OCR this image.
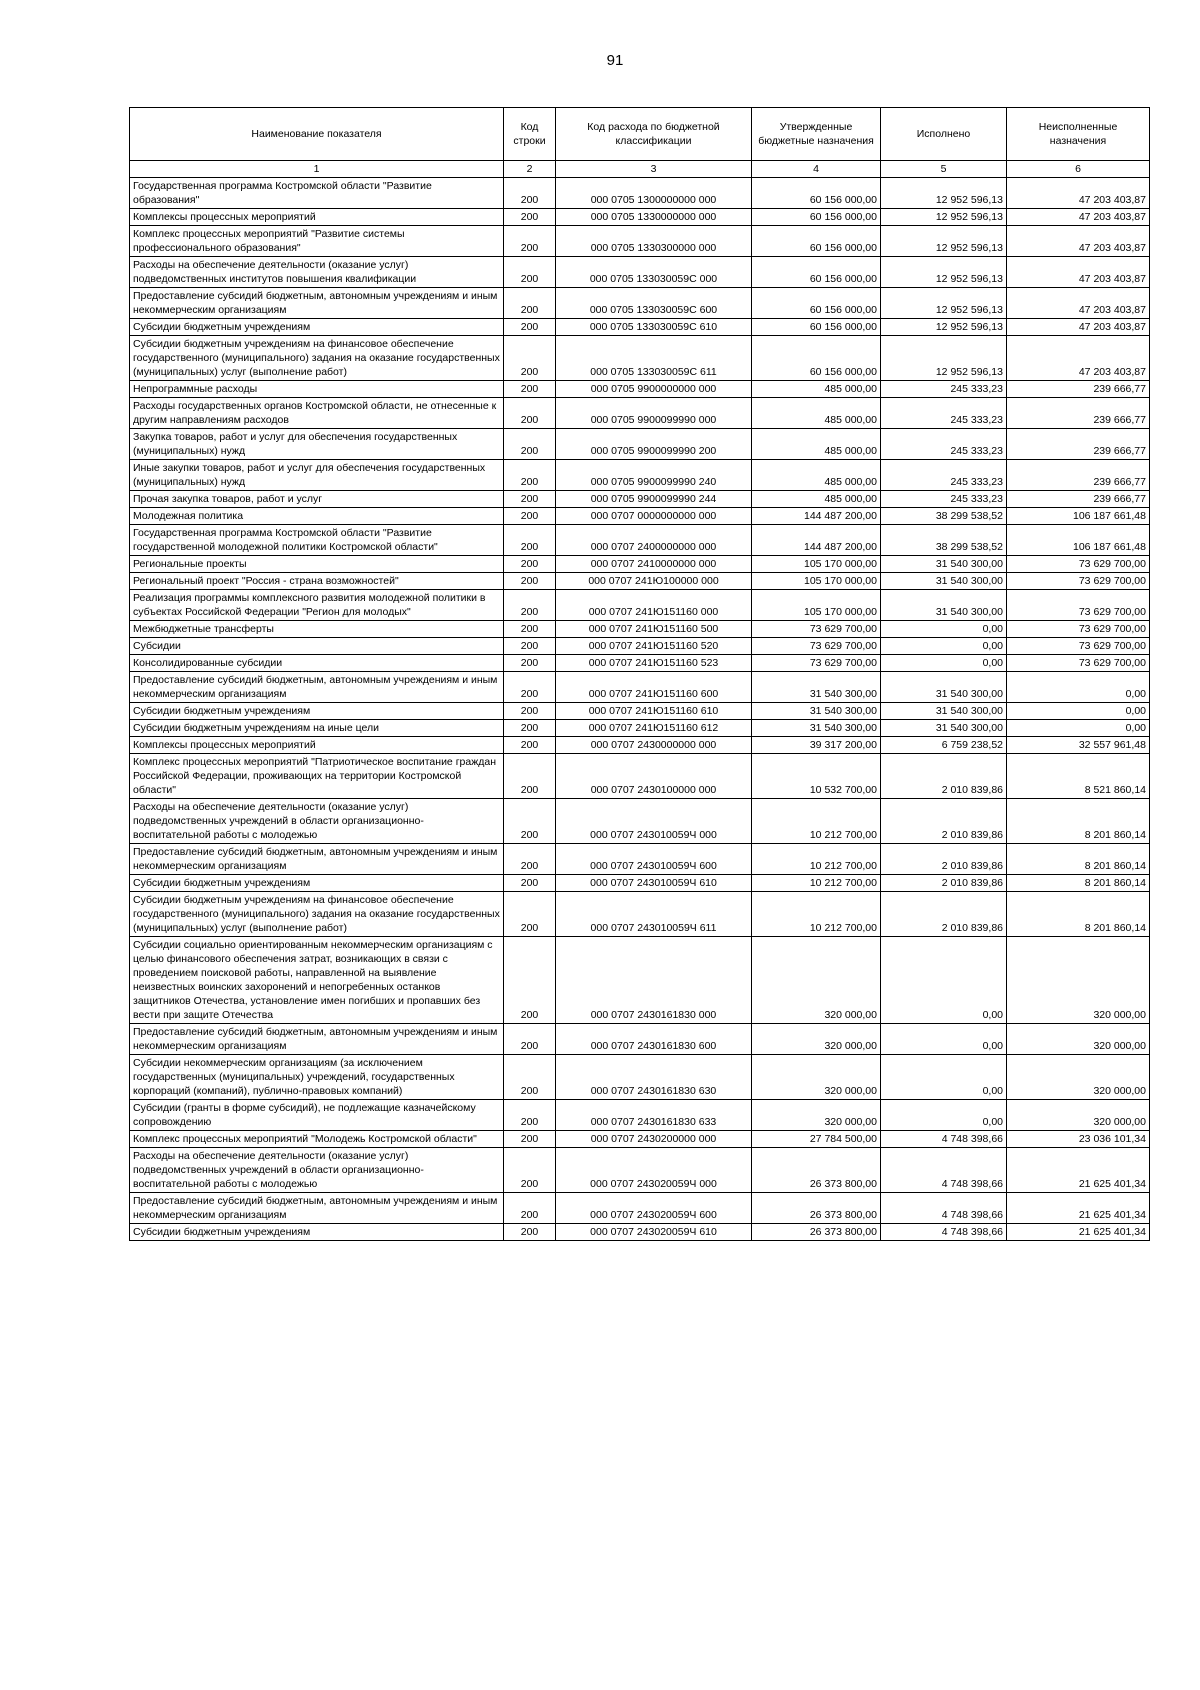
91
Наименование показателя	Код строки	Код расхода по бюджетной классификации	Утвержденные бюджетные назначения	Исполнено	Неисполненные назначения
1	2	3	4	5	6
Государственная программа Костромской области "Развитие образования"	200	000 0705 1300000000 000	60 156 000,00	12 952 596,13	47 203 403,87
Комплексы процессных мероприятий	200	000 0705 1330000000 000	60 156 000,00	12 952 596,13	47 203 403,87
Комплекс процессных мероприятий "Развитие системы профессионального образования"	200	000 0705 1330300000 000	60 156 000,00	12 952 596,13	47 203 403,87
Расходы на обеспечение деятельности (оказание услуг) подведомственных институтов повышения квалификации	200	000 0705 133030059C 000	60 156 000,00	12 952 596,13	47 203 403,87
Предоставление субсидий бюджетным, автономным учреждениям и иным некоммерческим организациям	200	000 0705 133030059C 600	60 156 000,00	12 952 596,13	47 203 403,87
Субсидии бюджетным учреждениям	200	000 0705 133030059C 610	60 156 000,00	12 952 596,13	47 203 403,87
Субсидии бюджетным учреждениям на финансовое обеспечение государственного (муниципального) задания на оказание государственных (муниципальных) услуг (выполнение работ)	200	000 0705 133030059C 611	60 156 000,00	12 952 596,13	47 203 403,87
Непрограммные расходы	200	000 0705 9900000000 000	485 000,00	245 333,23	239 666,77
Расходы государственных органов Костромской области, не отнесенные к другим направлениям расходов	200	000 0705 9900099990 000	485 000,00	245 333,23	239 666,77
Закупка товаров, работ и услуг для обеспечения государственных (муниципальных) нужд	200	000 0705 9900099990 200	485 000,00	245 333,23	239 666,77
Иные закупки товаров, работ и услуг для обеспечения государственных (муниципальных) нужд	200	000 0705 9900099990 240	485 000,00	245 333,23	239 666,77
Прочая закупка товаров, работ и услуг	200	000 0705 9900099990 244	485 000,00	245 333,23	239 666,77
Молодежная политика	200	000 0707 0000000000 000	144 487 200,00	38 299 538,52	106 187 661,48
Государственная программа Костромской области "Развитие государственной молодежной политики Костромской области"	200	000 0707 2400000000 000	144 487 200,00	38 299 538,52	106 187 661,48
Региональные проекты	200	000 0707 2410000000 000	105 170 000,00	31 540 300,00	73 629 700,00
Региональный проект "Россия - страна возможностей"	200	000 0707 241Ю100000 000	105 170 000,00	31 540 300,00	73 629 700,00
Реализация программы комплексного развития молодежной политики в субъектах Российской Федерации "Регион для молодых"	200	000 0707 241Ю151160 000	105 170 000,00	31 540 300,00	73 629 700,00
Межбюджетные трансферты	200	000 0707 241Ю151160 500	73 629 700,00	0,00	73 629 700,00
Субсидии	200	000 0707 241Ю151160 520	73 629 700,00	0,00	73 629 700,00
Консолидированные субсидии	200	000 0707 241Ю151160 523	73 629 700,00	0,00	73 629 700,00
Предоставление субсидий бюджетным, автономным учреждениям и иным некоммерческим организациям	200	000 0707 241Ю151160 600	31 540 300,00	31 540 300,00	0,00
Субсидии бюджетным учреждениям	200	000 0707 241Ю151160 610	31 540 300,00	31 540 300,00	0,00
Субсидии бюджетным учреждениям на иные цели	200	000 0707 241Ю151160 612	31 540 300,00	31 540 300,00	0,00
Комплексы процессных мероприятий	200	000 0707 2430000000 000	39 317 200,00	6 759 238,52	32 557 961,48
Комплекс процессных мероприятий "Патриотическое воспитание граждан Российской Федерации, проживающих на территории Костромской области"	200	000 0707 2430100000 000	10 532 700,00	2 010 839,86	8 521 860,14
Расходы на обеспечение деятельности (оказание услуг) подведомственных учреждений в области организационно-воспитательной работы с молодежью	200	000 0707 243010059Ч 000	10 212 700,00	2 010 839,86	8 201 860,14
Предоставление субсидий бюджетным, автономным учреждениям и иным некоммерческим организациям	200	000 0707 243010059Ч 600	10 212 700,00	2 010 839,86	8 201 860,14
Субсидии бюджетным учреждениям	200	000 0707 243010059Ч 610	10 212 700,00	2 010 839,86	8 201 860,14
Субсидии бюджетным учреждениям на финансовое обеспечение государственного (муниципального) задания на оказание государственных (муниципальных) услуг (выполнение работ)	200	000 0707 243010059Ч 611	10 212 700,00	2 010 839,86	8 201 860,14
Субсидии социально ориентированным некоммерческим организациям с целью финансового обеспечения затрат, возникающих в связи с проведением поисковой работы, направленной на выявление неизвестных воинских захоронений и непогребенных останков защитников Отечества, установление имен погибших и пропавших без вести при защите Отечества	200	000 0707 2430161830 000	320 000,00	0,00	320 000,00
Предоставление субсидий бюджетным, автономным учреждениям и иным некоммерческим организациям	200	000 0707 2430161830 600	320 000,00	0,00	320 000,00
Субсидии некоммерческим организациям (за исключением государственных (муниципальных) учреждений, государственных корпораций (компаний), публично-правовых компаний)	200	000 0707 2430161830 630	320 000,00	0,00	320 000,00
Субсидии (гранты в форме субсидий), не подлежащие казначейскому сопровождению	200	000 0707 2430161830 633	320 000,00	0,00	320 000,00
Комплекс процессных мероприятий "Молодежь Костромской области"	200	000 0707 2430200000 000	27 784 500,00	4 748 398,66	23 036 101,34
Расходы на обеспечение деятельности (оказание услуг) подведомственных учреждений в области организационно-воспитательной работы с молодежью	200	000 0707 243020059Ч 000	26 373 800,00	4 748 398,66	21 625 401,34
Предоставление субсидий бюджетным, автономным учреждениям и иным некоммерческим организациям	200	000 0707 243020059Ч 600	26 373 800,00	4 748 398,66	21 625 401,34
Субсидии бюджетным учреждениям	200	000 0707 243020059Ч 610	26 373 800,00	4 748 398,66	21 625 401,34
